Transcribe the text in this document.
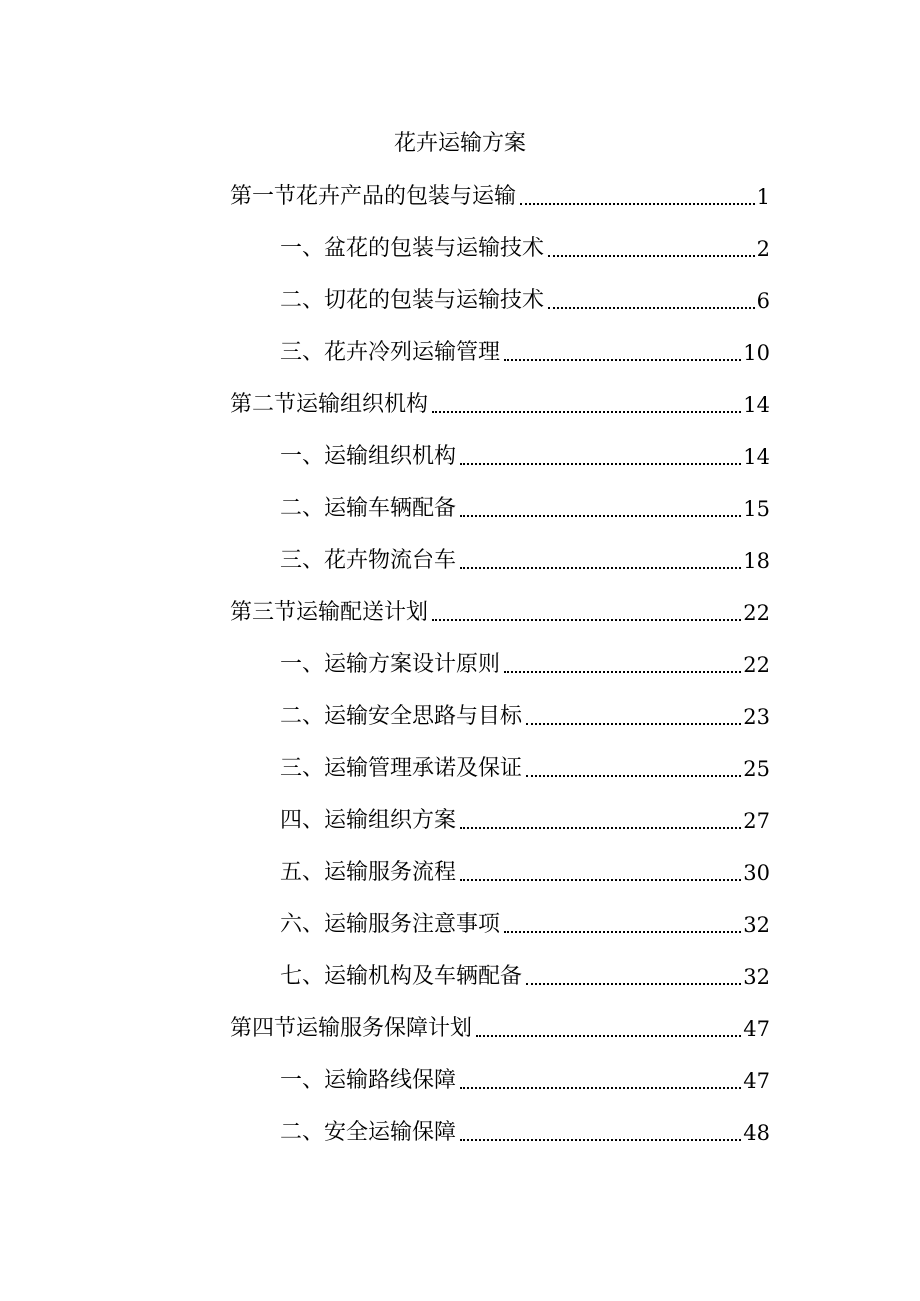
花卉运输方案
第一节花卉产品的包装与运输	1
一、盆花的包装与运输技术	2
二、切花的包装与运输技术	6
三、花卉冷列运输管理	10
第二节运输组织机构	14
一、运输组织机构	14
二、运输车辆配备	15
三、花卉物流台车	18
第三节运输配送计划	22
一、运输方案设计原则	22
二、运输安全思路与目标	23
三、运输管理承诺及保证	25
四、运输组织方案	27
五、运输服务流程	30
六、运输服务注意事项	32
七、运输机构及车辆配备	32
第四节运输服务保障计划	47
一、运输路线保障	47
二、安全运输保障	48
